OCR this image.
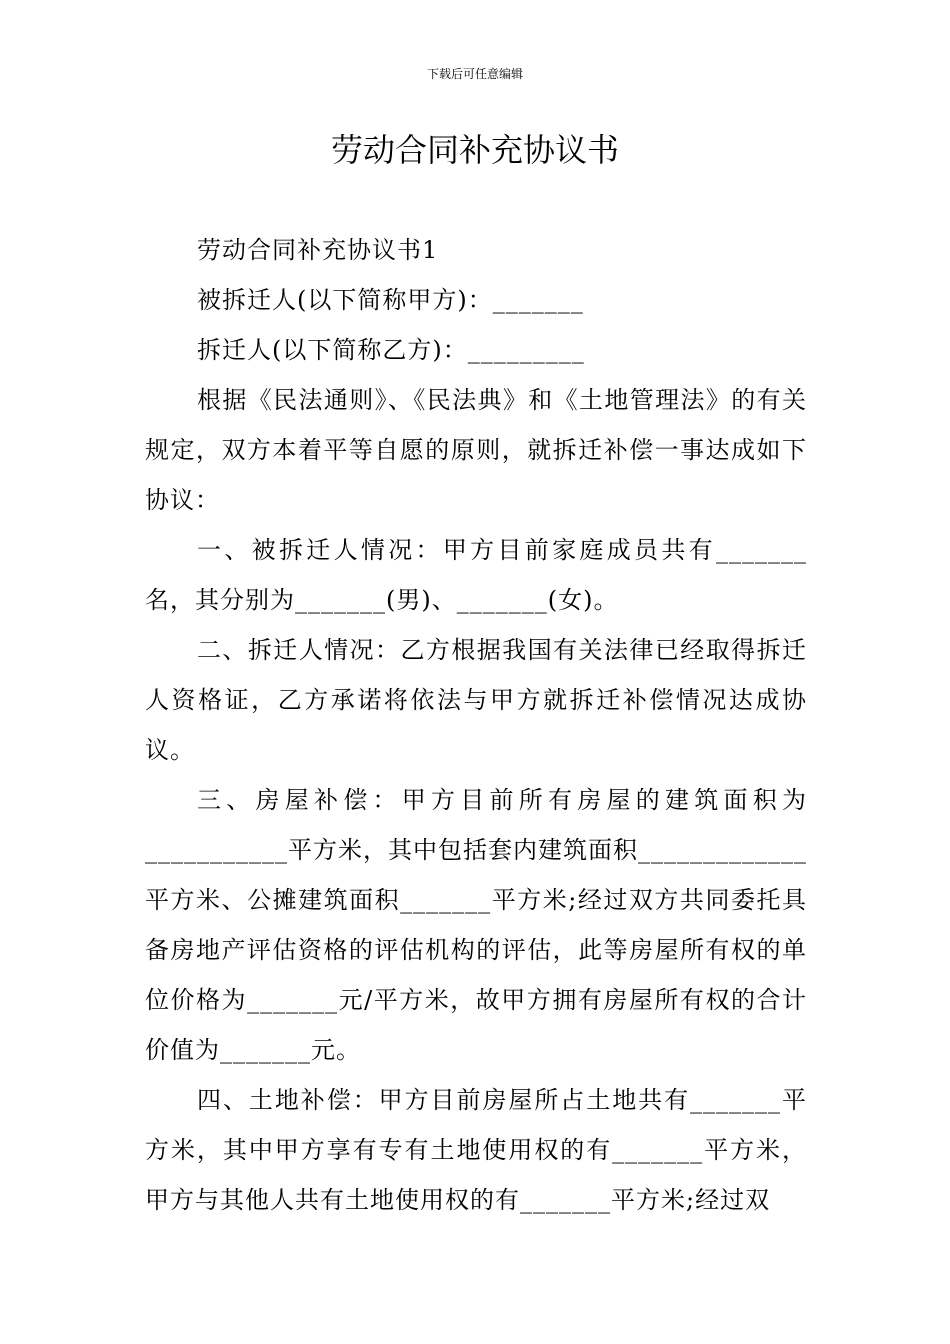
下载后可任意编辑
劳动合同补充协议书

劳动合同补充协议书1

被拆迁人(以下简称甲方)：_______

拆迁人(以下简称乙方)：_________

根据《民法通则》、《民法典》和《土地管理法》的有关规定，双方本着平等自愿的原则，就拆迁补偿一事达成如下协议：

一、被拆迁人情况：甲方目前家庭成员共有_______名，其分别为_______(男)、_______(女)。

二、拆迁人情况：乙方根据我国有关法律已经取得拆迁人资格证，乙方承诺将依法与甲方就拆迁补偿情况达成协议。

三、房屋补偿：甲方目前所有房屋的建筑面积为___________平方米，其中包括套内建筑面积_____________平方米、公摊建筑面积_______平方米;经过双方共同委托具备房地产评估资格的评估机构的评估，此等房屋所有权的单位价格为_______元/平方米，故甲方拥有房屋所有权的合计价值为_______元。

四、土地补偿：甲方目前房屋所占土地共有_______平方米，其中甲方享有专有土地使用权的有_______平方米，甲方与其他人共有土地使用权的有_______平方米;经过双
